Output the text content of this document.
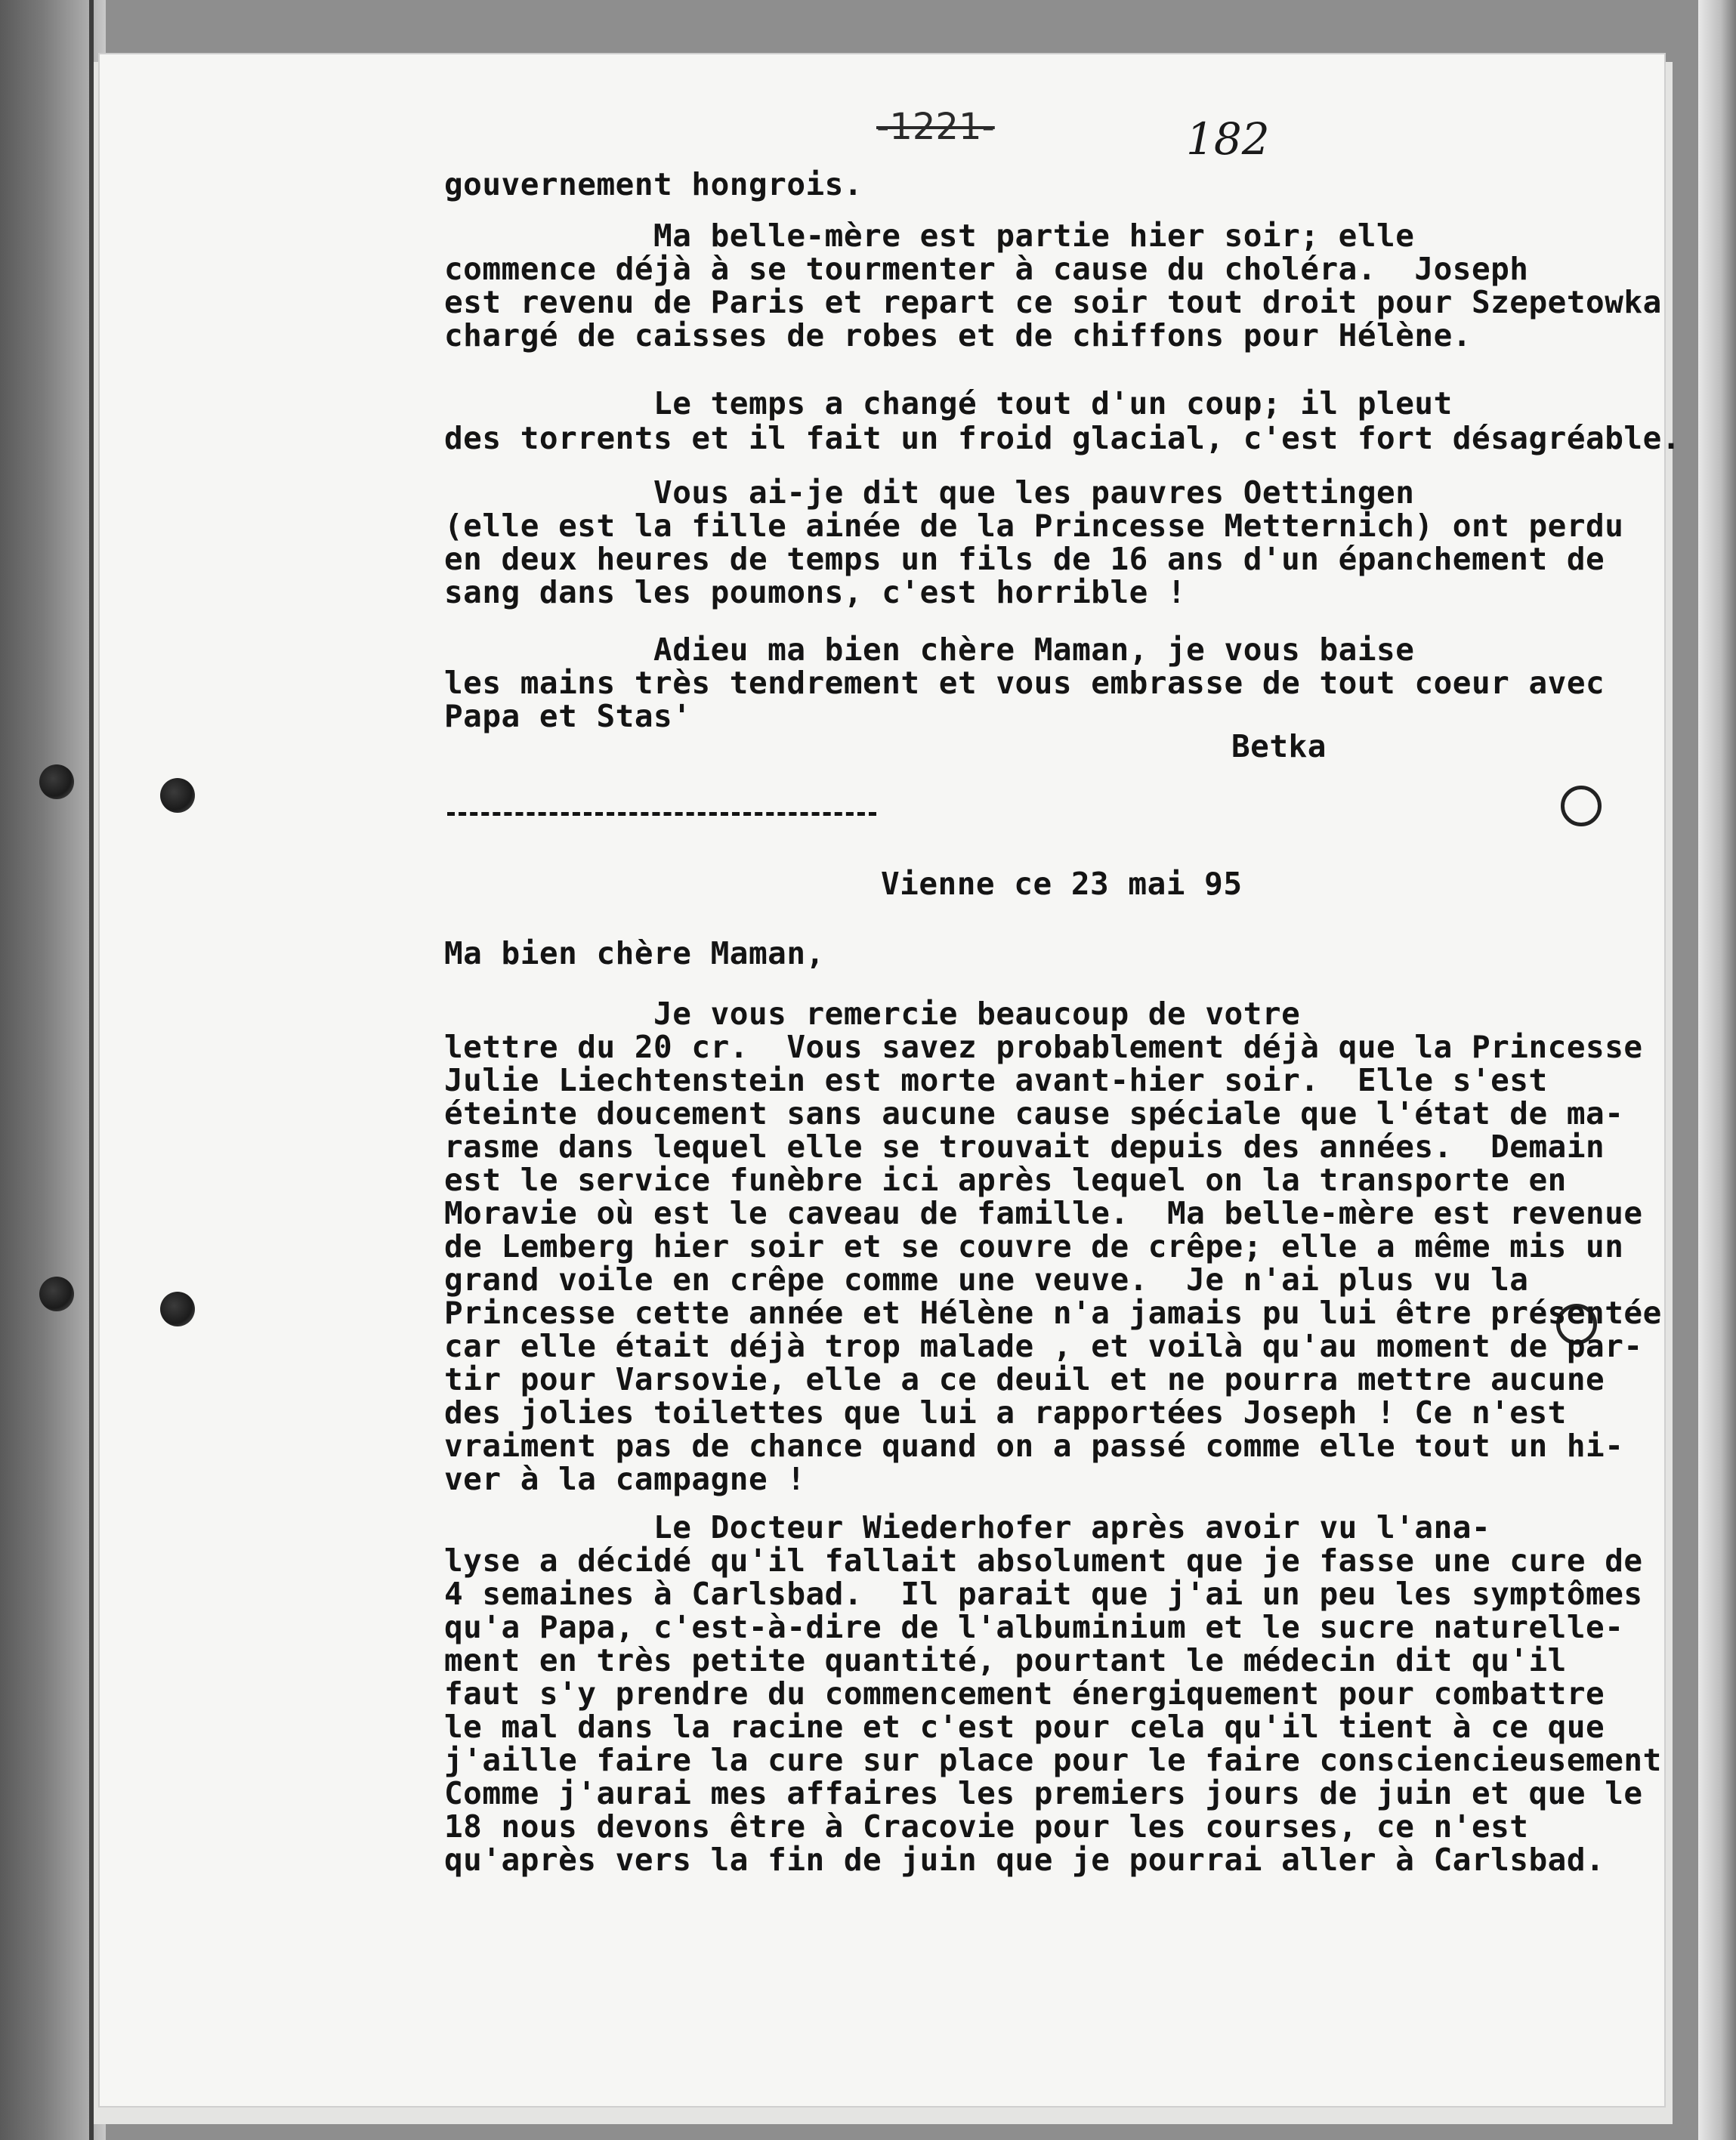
-1221-	182
gouvernement hongrois.
Ma belle-mère est partie hier soir; elle
commence déjà à se tourmenter à cause du choléra.  Joseph
est revenu de Paris et repart ce soir tout droit pour Szepetowka
chargé de caisses de robes et de chiffons pour Hélène.
Le temps a changé tout d'un coup; il pleut
des torrents et il fait un froid glacial, c'est fort désagréable.
Vous ai-je dit que les pauvres Oettingen
(elle est la fille ainée de la Princesse Metternich) ont perdu
en deux heures de temps un fils de 16 ans d'un épanchement de
sang dans les poumons, c'est horrible !
Adieu ma bien chère Maman, je vous baise
les mains très tendrement et vous embrasse de tout coeur avec
Papa et Stas'
Betka
Vienne ce 23 mai 95
Ma bien chère Maman,
Je vous remercie beaucoup de votre
lettre du 20 cr.  Vous savez probablement déjà que la Princesse
Julie Liechtenstein est morte avant-hier soir.  Elle s'est
éteinte doucement sans aucune cause spéciale que l'état de ma-
rasme dans lequel elle se trouvait depuis des années.  Demain
est le service funèbre ici après lequel on la transporte en
Moravie où est le caveau de famille.  Ma belle-mère est revenue
de Lemberg hier soir et se couvre de crêpe; elle a même mis un
grand voile en crêpe comme une veuve.  Je n'ai plus vu la
Princesse cette année et Hélène n'a jamais pu lui être présentée
car elle était déjà trop malade , et voilà qu'au moment de par-
tir pour Varsovie, elle a ce deuil et ne pourra mettre aucune
des jolies toilettes que lui a rapportées Joseph ! Ce n'est
vraiment pas de chance quand on a passé comme elle tout un hi-
ver à la campagne !
Le Docteur Wiederhofer après avoir vu l'ana-
lyse a décidé qu'il fallait absolument que je fasse une cure de
4 semaines à Carlsbad.  Il parait que j'ai un peu les symptômes
qu'a Papa, c'est-à-dire de l'albuminium et le sucre naturelle-
ment en très petite quantité, pourtant le médecin dit qu'il
faut s'y prendre du commencement énergiquement pour combattre
le mal dans la racine et c'est pour cela qu'il tient à ce que
j'aille faire la cure sur place pour le faire consciencieusement
Comme j'aurai mes affaires les premiers jours de juin et que le
18 nous devons être à Cracovie pour les courses, ce n'est
qu'après vers la fin de juin que je pourrai aller à Carlsbad.
